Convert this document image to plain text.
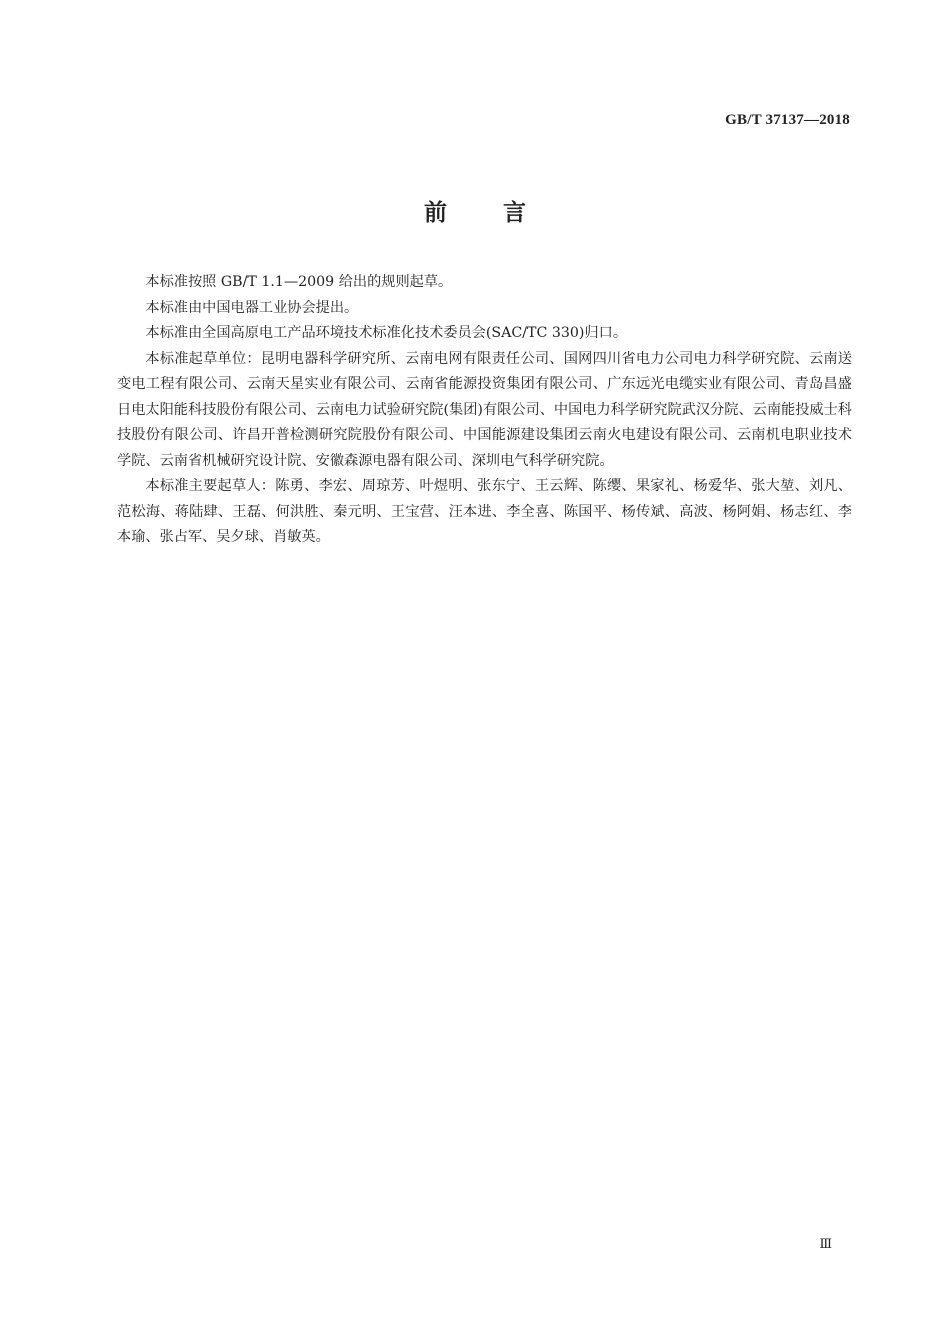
GB/T 37137—2018
前言

本标准按照 GB/T 1.1—2009 给出的规则起草。

本标准由中国电器工业协会提出。

本标准由全国高原电工产品环境技术标准化技术委员会(SAC/TC 330)归口。

本标准起草单位：昆明电器科学研究所、云南电网有限责任公司、国网四川省电力公司电力科学研究院、云南送变电工程有限公司、云南天星实业有限公司、云南省能源投资集团有限公司、广东远光电缆实业有限公司、青岛昌盛日电太阳能科技股份有限公司、云南电力试验研究院(集团)有限公司、中国电力科学研究院武汉分院、云南能投威士科技股份有限公司、许昌开普检测研究院股份有限公司、中国能源建设集团云南火电建设有限公司、云南机电职业技术学院、云南省机械研究设计院、安徽森源电器有限公司、深圳电气科学研究院。

本标准主要起草人：陈勇、李宏、周琼芳、叶煜明、张东宁、王云辉、陈缨、果家礼、杨爱华、张大堃、刘凡、范松海、蒋陆肆、王磊、何洪胜、秦元明、王宝营、汪本进、李全喜、陈国平、杨传斌、高波、杨阿娟、杨志红、李本瑜、张占军、吴夕球、肖敏英。

Ⅲ
